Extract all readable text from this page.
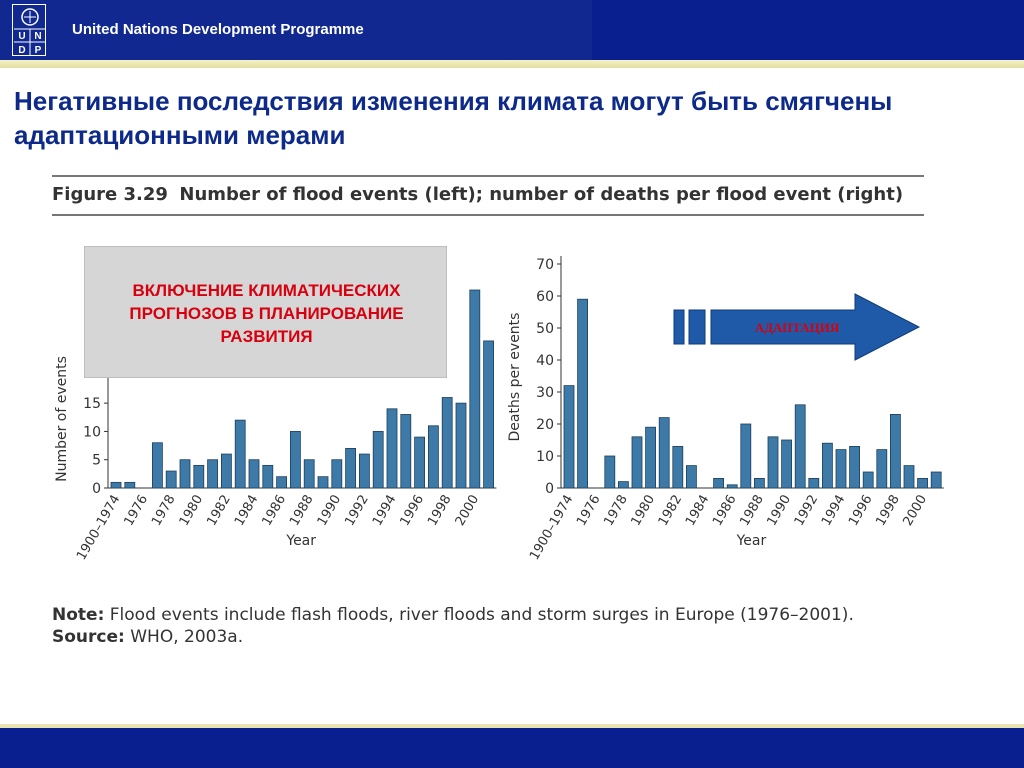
U N
D P
United Nations Development Programme
Негативные последствия изменения климата могут быть смягчены
адаптационными мерами
Figure 3.29 Number of flood events (left); number of deaths per flood event (right)
0
5
10
15
1900–1974
1976
1978
1980
1982
1984
1986
1988
1990
1992
1994
1996
1998
2000
Year
Number of events
0
10
20
30
40
50
60
70
1900–1974
1976
1978
1980
1982
1984
1986
1988
1990
1992
1994
1996
1998
2000
Year
Deaths per events
ВКЛЮЧЕНИЕ КЛИМАТИЧЕСКИХ
ПРОГНОЗОВ В ПЛАНИРОВАНИЕ
РАЗВИТИЯ	АДАПТАЦИЯ
Note: Flood events include flash floods, river floods and storm surges in Europe (1976–2001).
Source: WHO, 2003a.
